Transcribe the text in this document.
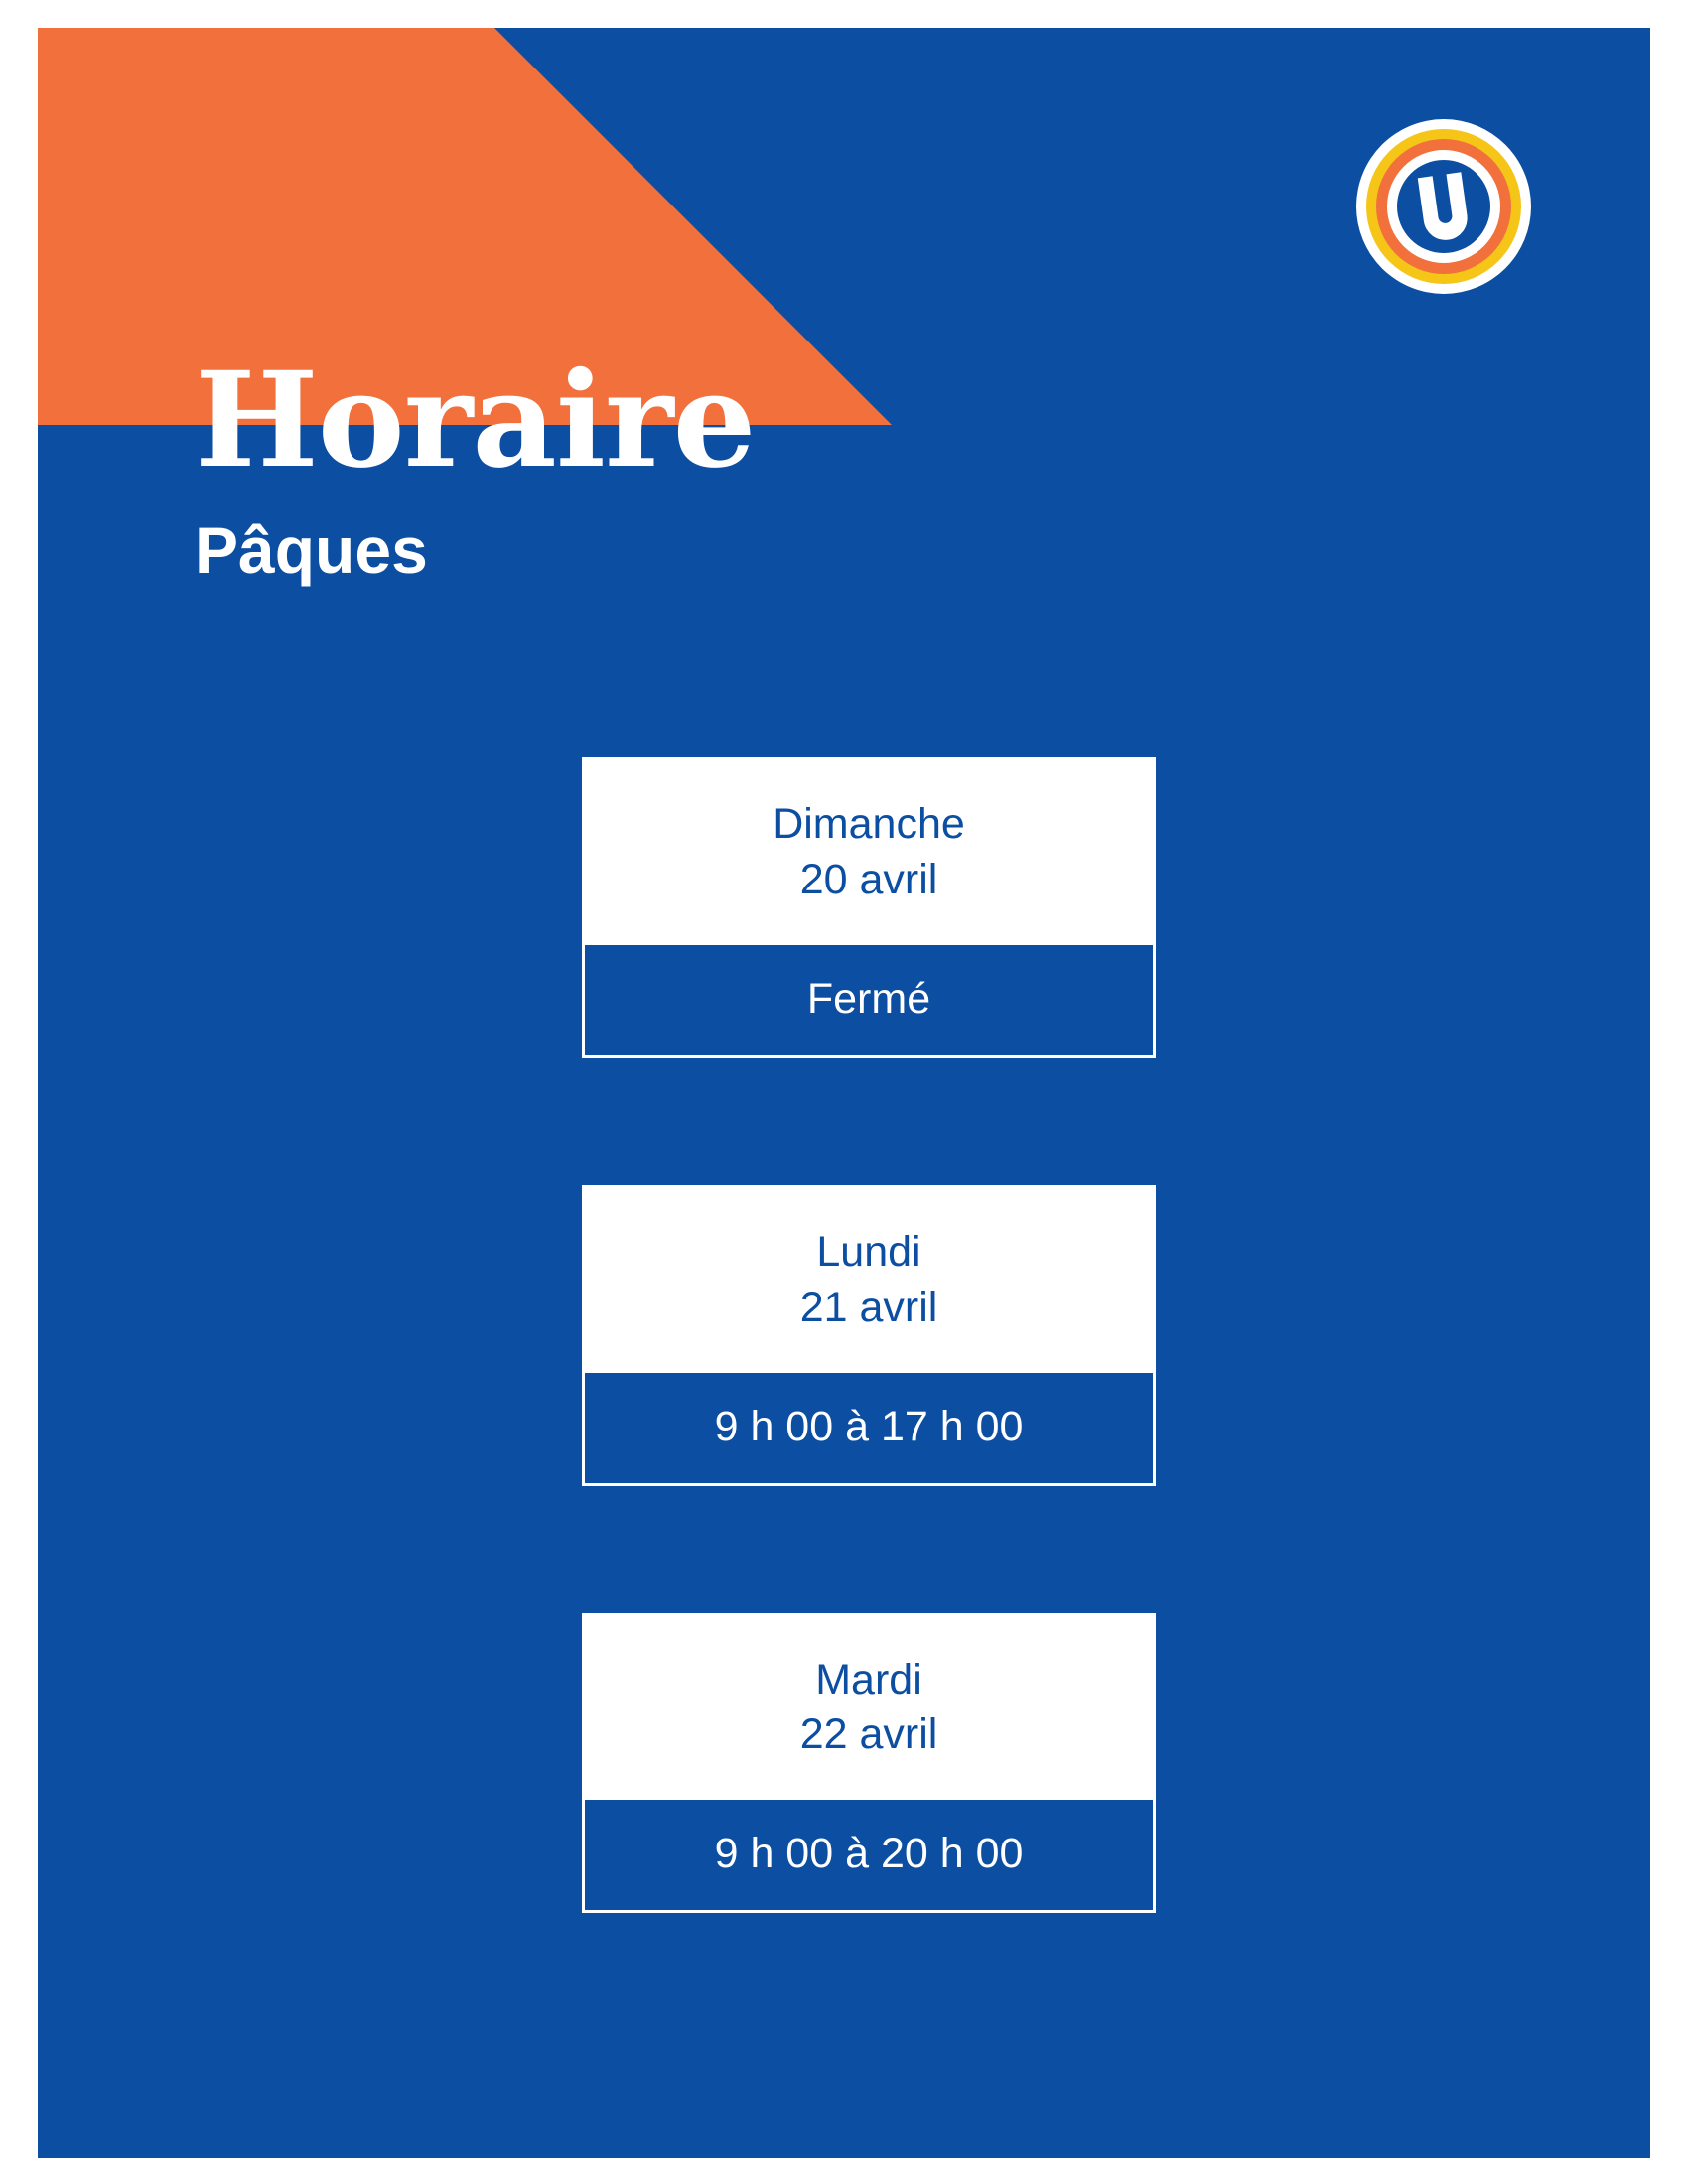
Horaire
Pâques
Dimanche
20 avril
Fermé
Lundi
21 avril
9 h 00 à 17 h 00
Mardi
22 avril
9 h 00 à 20 h 00
